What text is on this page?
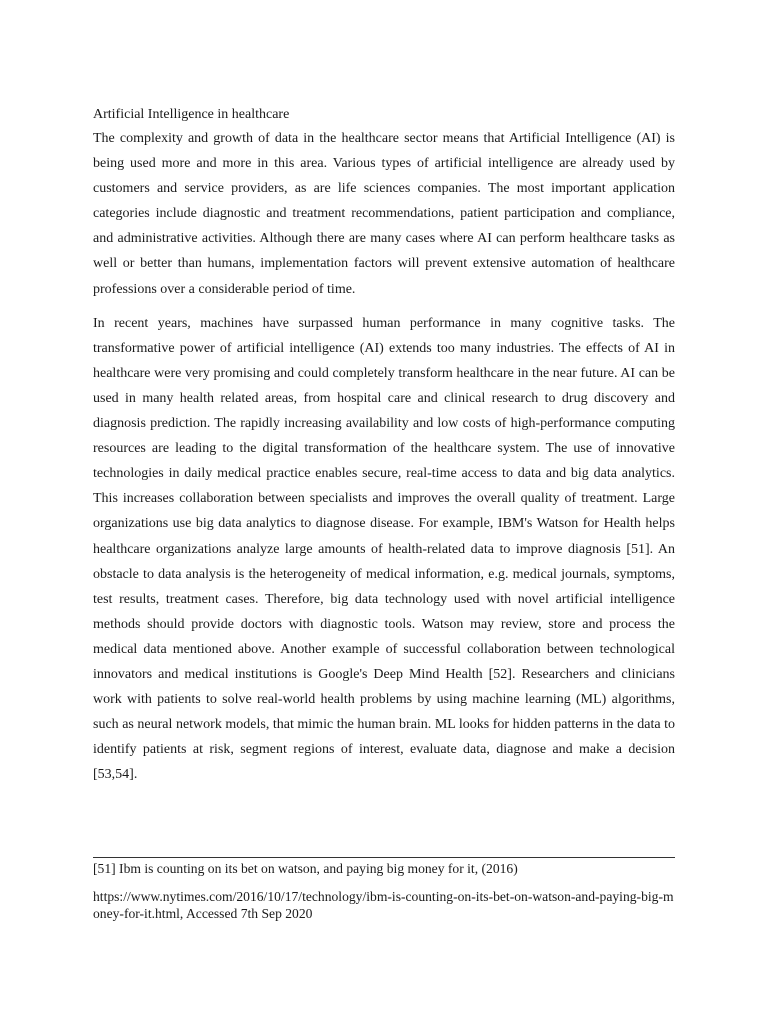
Artificial Intelligence in healthcare

The complexity and growth of data in the healthcare sector means that Artificial Intelligence (AI) is being used more and more in this area. Various types of artificial intelligence are already used by customers and service providers, as are life sciences companies. The most important application categories include diagnostic and treatment recommendations, patient participation and compliance, and administrative activities. Although there are many cases where AI can perform healthcare tasks as well or better than humans, implementation factors will prevent extensive automation of healthcare professions over a considerable period of time.

In recent years, machines have surpassed human performance in many cognitive tasks. The transformative power of artificial intelligence (AI) extends too many industries. The effects of AI in healthcare were very promising and could completely transform healthcare in the near future. AI can be used in many health related areas, from hospital care and clinical research to drug discovery and diagnosis prediction. The rapidly increasing availability and low costs of high-performance computing resources are leading to the digital transformation of the healthcare system. The use of innovative technologies in daily medical practice enables secure, real-time access to data and big data analytics. This increases collaboration between specialists and improves the overall quality of treatment. Large organizations use big data analytics to diagnose disease. For example, IBM's Watson for Health helps healthcare organizations analyze large amounts of health-related data to improve diagnosis [51]. An obstacle to data analysis is the heterogeneity of medical information, e.g. medical journals, symptoms, test results, treatment cases. Therefore, big data technology used with novel artificial intelligence methods should provide doctors with diagnostic tools. Watson may review, store and process the medical data mentioned above. Another example of successful collaboration between technological innovators and medical institutions is Google's Deep Mind Health [52]. Researchers and clinicians work with patients to solve real-world health problems by using machine learning (ML) algorithms, such as neural network models, that mimic the human brain. ML looks for hidden patterns in the data to identify patients at risk, segment regions of interest, evaluate data, diagnose and make a decision [53,54].

[51] Ibm is counting on its bet on watson, and paying big money for it, (2016)
https://www.nytimes.com/2016/10/17/technology/ibm-is-counting-on-its-bet-on-watson-and-paying-big-money-for-it.html, Accessed 7th Sep 2020
